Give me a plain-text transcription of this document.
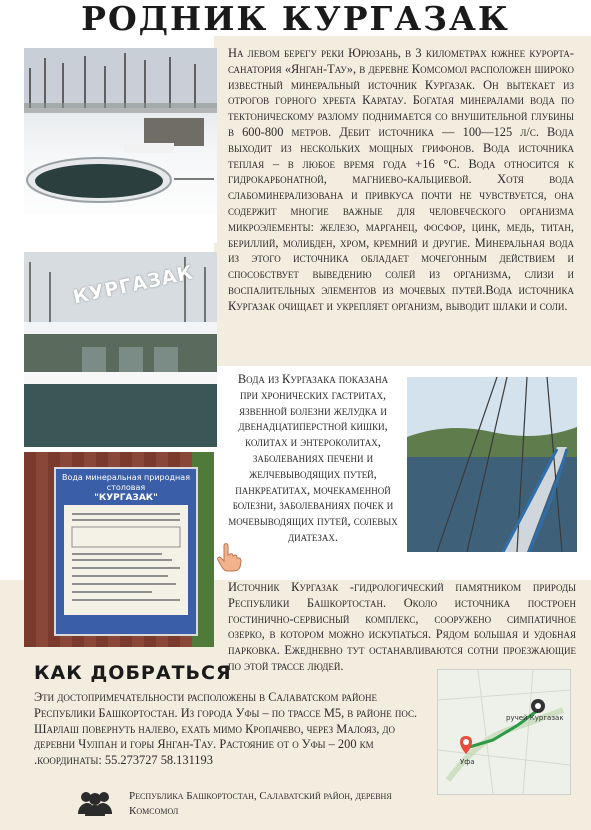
РОДНИК КУРГАЗАК
КУРГАЗАК
Вода минеральная природная столовая
"КУРГАЗАК"
На левом берегу реки Юрюзань, в 3 километрах южнее курорта-санатория «Янган-Тау», в деревне Комсомол расположен широко известный минеральный источник Кургазак. Он вытекает из отрогов горного хребта Каратау. Богатая минералами вода по тектоническому разлому поднимается со внушительной глубины в 600-800 метров. Дебит источника — 100—125 л/с. Вода выходит из нескольких мощных грифонов. Вода источника теплая – в любое время года +16 °С. Вода относится к гидрокарбонатной, магниево-кальциевой. Хотя вода слабоминерализована и привкуса почти не чувствуется, она содержит многие важные для человеческого организма микроэлементы: железо, марганец, фосфор, цинк, медь, титан, бериллий, молибден, хром, кремний и другие. Минеральная вода из этого источника обладает мочегонным действием и способствует выведению солей из организма, слизи и воспалительных элементов из мочевых путей.Вода источника Кургазак очищает и укрепляет организм, выводит шлаки и соли.
Вода из Кургазака показана при хронических гастритах, язвенной болезни желудка и двенадцатиперстной кишки, колитах и энтероколитах, заболеваниях печени и желчевыводящих путей, панкреатитах, мочекаменной болезни, заболеваниях почек и мочевыводящих путей, солевых диатезах.
Источник Кургазак -гидрологический памятником природы Республики Башкортостан. Около источника построен гостинично-сервисный комплекс, сооружено симпатичное озерко, в котором можно искупаться. Рядом большая и удобная парковка. Ежедневно тут останавливаются сотни проезжающие по этой трассе людей.
КАК ДОБРАТЬСЯ
Эти достопримечательности расположены в Салаватском районе Республики Башкортостан. Из города Уфы – по трассе М5, в районе пос. Шарлаш повернуть налево, ехать мимо Кропачево, через Малояз, до деревни Чулпан и горы Янган-Тау. Растояние от о Уфы – 200 км .координаты: 55.273727 58.131193
ручей Кургазак
Уфа
Республика Башкортостан, Салаватский район, деревня Комсомол
